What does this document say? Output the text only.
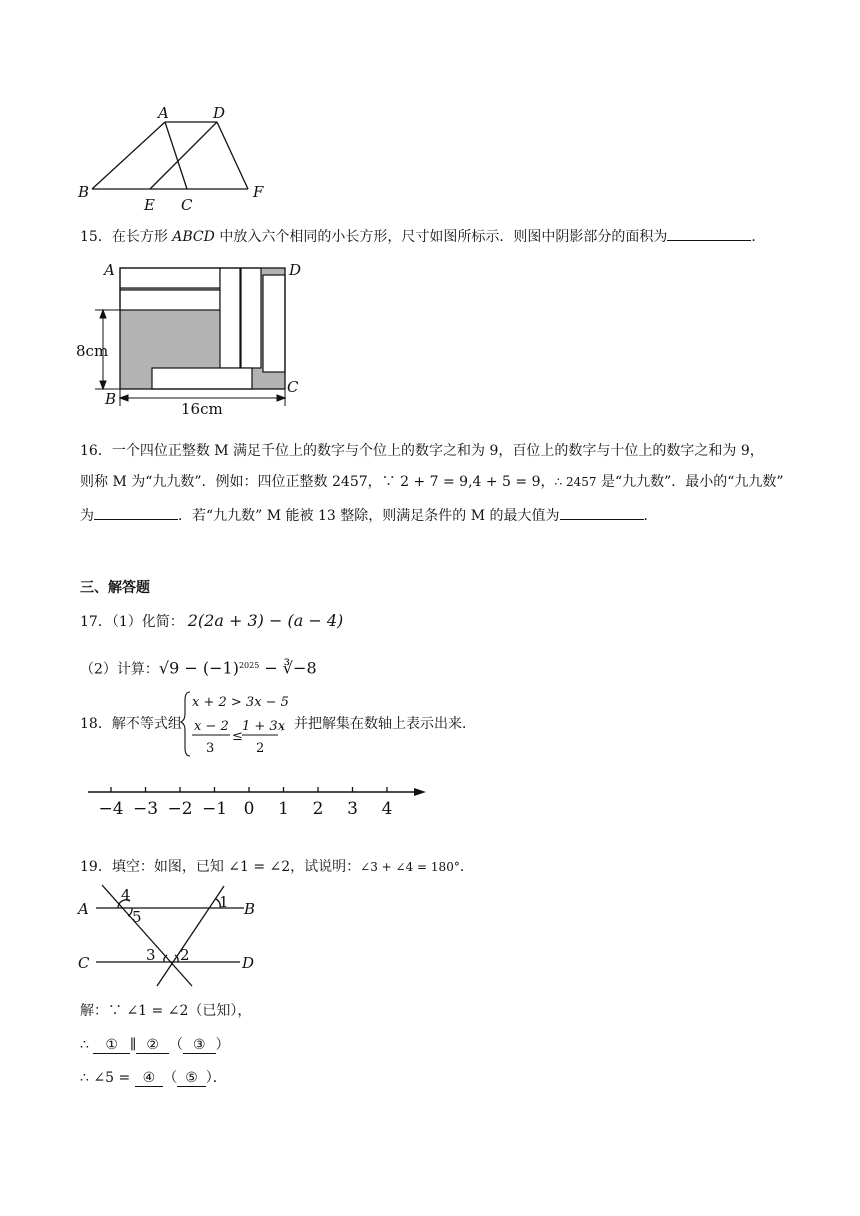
A	D
B	F
E C
15．在长方形 ABCD 中放入六个相同的小长方形，尺寸如图所标示．则图中阴影部分的面积为	．
A	D
B
C
8cm
16cm
16．一个四位正整数 M 满足千位上的数字与个位上的数字之和为 9，百位上的数字与十位上的数字之和为 9，
则称 M 为“九九数”．例如：四位正整数 2457，∵ 2 + 7 = 9,4 + 5 = 9，∴ 2457 是“九九数”．最小的“九九数”
为	．若“九九数” M 能被 13 整除，则满足条件的 M 的最大值为	．
三、解答题
17．（1）化简： 2(2a + 3) − (a − 4)
（2）计算：$√9 - (-1)^{2025}$ − ∛−8
18．解不等式组
x + 2 > 3x − 5
x − 2
3
≤
1 + 3x
2
，并把解集在数轴上表示出来．
−4 −3 −2 −1 0 1 2 3 4
19．填空：如图，已知 ∠1 = ∠2，试说明：∠3 + ∠4 = 180°．
A	B
C	D
4
5
1
3 2
解：∵ ∠1 = ∠2（已知），
∴ ① ∥ ② （ ③ ）
∴ ∠5 = ④ （ ⑤ ）．
